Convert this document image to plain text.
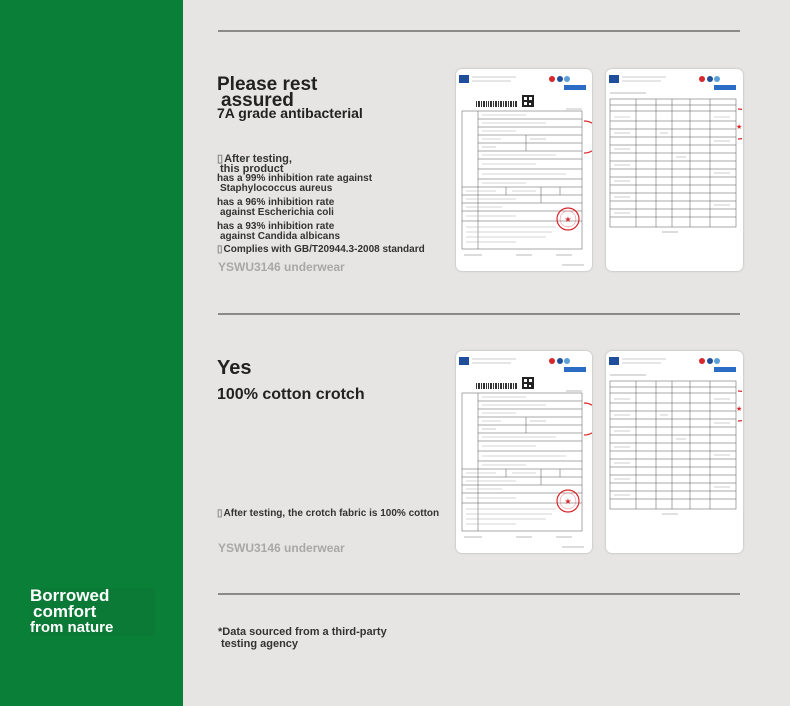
Borrowed
comfort
from nature
Please rest
assured
7A grade antibacterial
▯After testing,
this product
has a 99% inhibition rate against
Staphylococcus aureus
has a 96% inhibition rate
against Escherichia coli
has a 93% inhibition rate
against Candida albicans
▯Complies with GB/T20944.3-2008 standard
YSWU3146 underwear
Yes
100% cotton crotch
▯After testing, the crotch fabric is 100% cotton
YSWU3146 underwear
*Data sourced from a third-party
testing agency
★
★
★
★
